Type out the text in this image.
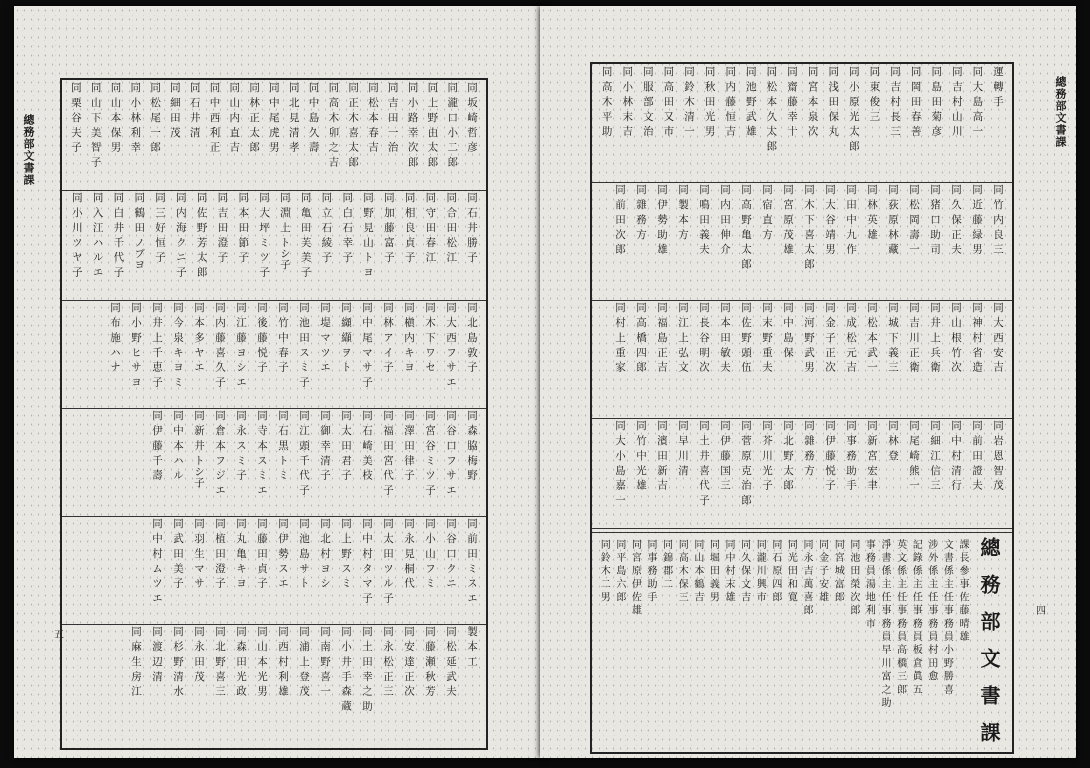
總務部文書課
五
同 坂 崎 哲 彦
同 瀧 口 小 二 郎
同 上 野 由 太 郎
同 小 路 幸 次 郎
同 吉 田 一 治
同 松 本 春 吉
同 正 木 喜 太 郎
同 高 木 卯 之 吉
同 中 島 久 壽
同 北 見 清 孝
同 中 尾 虎 男
同 林 正 太 郎
同 山 内 直 吉
同 中 西 利 正
同 石 井 清
同 細 田 茂
同 松 尾 一 郎
同 小 林 利 幸
同 山 本 保 男
同 山 下 美 智 子
同 栗 谷 夫 子
同 石 井 勝 子
同 合 田 松 江
同 守 田 春 江
同 相 良 貞 子
同 加 藤 富 子
同 野 見 山 ト ヨ
同 白 石 幸 子
同 立 石 綾 子
同 亀 田 芙 美 子
同 淵 上 トシ子
同 大 坪 ミ ツ 子
同 本 田 節 子
同 吉 田 澄 子
同 佐 野 芳 太 郎
同 内 海 ク ニ 子
同 三 好 恒 子
同 鶴 田 ノブヨ
同 白 井 千 代 子
同 入 江 ハ ル エ
同 小 川 ツ ヤ 子
同 北 島 敦 子
同 大 西 フ サ エ
同 木 下 ワ セ
同 槇 内 キ ヨ
同 林 ア イ 子
同 中 尾 マ サ 子
同 纐 纈 ヲ ト
同 堤 マ ツ エ
同 池 田 ス ミ 子
同 竹 中 春 子
同 後 藤 悦 子
同 江 藤 ヨ シ エ
同 内 藤 喜 久 子
同 本 多 ヤ エ
同 今 泉 キ ヨ ミ
同 井 上 千 恵 子
同 小 野 ヒ サ ヨ
同 布 施 ハ ナ
同 森 脇 梅 野
同 谷 口 フ サ エ
同 宮 谷 ミ ツ 子
同 澤 田 律 子
同 福 田 宮 代 子
同 石 崎 美 枝
同 太 田 君 子
同 御 幸 清 子
同 江 頭 千 代 子
同 石 黒 ト ミ
同 寺 本 ス ミ エ
同 永 ス ミ 子
同 倉 本 フ ジ エ
同 新 井 トシ子
同 中 本 ハ ル
同 伊 藤 千 壽
同 前 田 ミ ス エ
同 谷 口 ク ニ
同 小 山 フ ミ
同 永 見 桐 代
同 太 田 ツ ル 子
同 中 村 タ マ 子
同 上 野 ス ミ
同 北 村 ヨ シ
同 池 島 サ ト
同 伊 勢 ス エ
同 藤 田 貞 子
同 丸 亀 キ ヨ
同 植 田 澄 子
同 羽 生 マ サ
同 武 田 美 子
同 中 村 ム ツ エ
製 本 工
同 松 延 武 夫
同 藤 瀬 秋 芳
同 安 達 正 次
同 永 松 正 三
同 土 田 幸 之 助
同 小 井 手 森 蔵
同 南 野 喜 一
同 浦 上 登 茂
同 西 村 利 雄
同 山 本 光 男
同 森 田 光 政
同 北 野 喜 三
同 永 田 茂
同 杉 野 清 水
同 渡 辺 清
同 麻 生 房 江
總務部文書課
四
運 轉 手
同 大 島 高 一
同 吉 村 山 川
同 島 田 菊 彦
同 岡 田 春 善
同 吉 村 長 三
同 東 俊 三
同 小 原 光 太 郎
同 浅 田 保 丸
同 宮 本 泉 次
同 齋 藤 幸 十
同 松 本 久 太 郎
同 池 野 武 雄
同 内 藤 恒 吉
同 秋 田 光 男
同 鈴 木 清 一
同 高 田 又 市
同 服 部 文 治
同 小 林 末 吉
同 高 木 平 助
同 竹 内 良 三
同 近 藤 緑 男
同 久 保 正 夫
同 猪 口 助 司
同 松 岡 壽 一
同 荻 原 林 藏
同 林 英 雄
同 田 中 九 作
同 大 谷 靖 男
同 木 下 喜 太 郎
同 宮 原 茂 雄
同 宿 直 方
同 高 野 亀 太 郎
同 内 田 伸 介
同 鳴 田 義 夫
同 製 本 方
同 伊 勢 助 雄
同 雜 務 方
同 前 田 次 郎
同 大 西 安 吉
同 神 村 省 造
同 山 根 竹 次
同 井 上 兵 衛
同 吉 川 正 衛
同 城 下 義 三
同 松 本 武 一
同 成 松 元 吉
同 金 子 正 次
同 河 野 武 男
同 中 島 保
同 末 野 重 夫
同 佐 野 頭 伍
同 本 田 敏 夫
同 長 谷 明 次
同 江 上 弘 文
同 福 島 正 吉
同 高 橋 四 郎
同 村 上 重 家
同 岩 恩 智 茂
同 前 田 證 夫
同 中 村 清 行
同 細 江 信 三
同 尾 崎 熊 一
同 林 登
同 新 宮 宏 聿
同 事 務 助 手
同 伊 藤 悦 子
同 雜 務 方
同 北 野 太 郎
同 芥 川 光 子
同 菅 原 克 治 郎
同 伊 藤 国 三
同 土 井 喜 代 子
同 早 川 清
同 濱 田 新 吉
同 竹 中 光 雄
同 大 小 島 嘉 一
總 務 部 文 書 課
課 長 參 事 佐 藤 晴 雄
文 書 係 主 任 事 務 員 小 野 勝 喜
涉 外 係 主 任 事 務 員 村 田 愈
記 錄 係 主 任 事 務 員 板 倉 眞 五
英 文 係 主 任 事 務 員 高 橋 三 郎
淨 書 係 主 任 事 務 員 早 川 富 之 助
事 務 員 湯 地 利 市
同 池 田 榮 次 郎
同 宮 城 富 郎
同 金 子 安 雄
同 永 吉 萬 喜 郎
同 光 田 和 寛
同 石 原 四 郎
同 瀧 川 興 市
同 久 保 文 吉
同 中 村 末 雄
同 堀 田 義 男
同 山 本 鶴 吉
同 高 木 保 三
同 錦 郡 二
同 事 務 助 手
同 宮 原 伊 佐 雄
同 平 島 六 郎
同 鈴 木 二 男
